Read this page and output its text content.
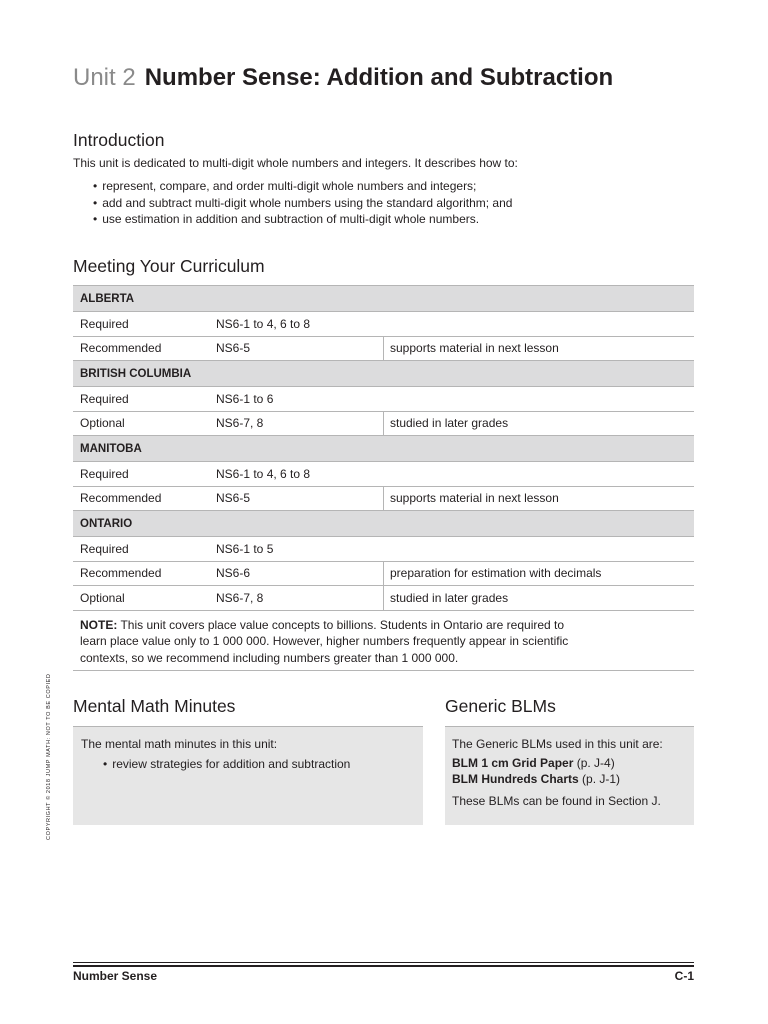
Unit 2 Number Sense: Addition and Subtraction
Introduction
This unit is dedicated to multi-digit whole numbers and integers. It describes how to:
• represent, compare, and order multi-digit whole numbers and integers;
• add and subtract multi-digit whole numbers using the standard algorithm; and
• use estimation in addition and subtraction of multi-digit whole numbers.
Meeting Your Curriculum
ALBERTA		
Required	NS6-1 to 4, 6 to 8	
Recommended	NS6-5	supports material in next lesson
BRITISH COLUMBIA		
Required	NS6-1 to 6	
Optional	NS6-7, 8	studied in later grades
MANITOBA		
Required	NS6-1 to 4, 6 to 8	
Recommended	NS6-5	supports material in next lesson
ONTARIO		
Required	NS6-1 to 5	
Recommended	NS6-6	preparation for estimation with decimals
Optional	NS6-7, 8	studied in later grades
NOTE: This unit covers place value concepts to billions. Students in Ontario are required to learn place value only to 1 000 000. However, higher numbers frequently appear in scientific contexts, so we recommend including numbers greater than 1 000 000.		
Mental Math Minutes
The mental math minutes in this unit:
• review strategies for addition and subtraction
Generic BLMs

The Generic BLMs used in this unit are:

BLM 1 cm Grid Paper (p. J-4)

BLM Hundreds Charts (p. J-1)

These BLMs can be found in Section J.

COPYRIGHT © 2018 JUMP MATH: NOT TO BE COPIED
Number Sense	C-1
